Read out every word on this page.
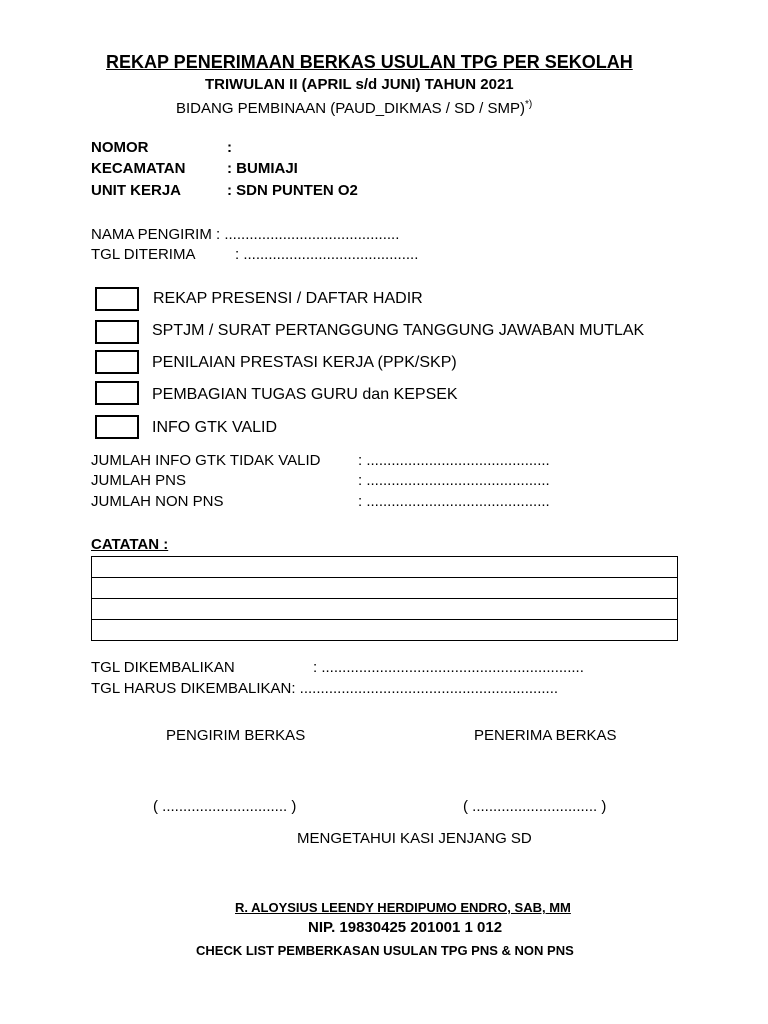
REKAP PENERIMAAN BERKAS USULAN TPG PER SEKOLAH
TRIWULAN II (APRIL s/d JUNI) TAHUN 2021
BIDANG PEMBINAAN (PAUD_DIKMAS / SD / SMP)*)
NOMOR	:
KECAMATAN	: BUMIAJI
UNIT KERJA	: SDN PUNTEN O2
NAMA PENGIRIM : ..........................................
TGL DITERIMA	: ..........................................
REKAP PRESENSI / DAFTAR HADIR
SPTJM / SURAT PERTANGGUNG TANGGUNG JAWABAN MUTLAK
PENILAIAN PRESTASI KERJA (PPK/SKP)
PEMBAGIAN TUGAS GURU dan KEPSEK
INFO GTK VALID
JUMLAH INFO GTK TIDAK VALID	: ............................................
JUMLAH PNS	: ............................................
JUMLAH NON PNS	: ............................................
CATATAN :

TGL DIKEMBALIKAN	: ...............................................................
TGL HARUS DIKEMBALIKAN: ..............................................................
PENGIRIM BERKAS	PENERIMA BERKAS
( .............................. )	( .............................. )
MENGETAHUI KASI JENJANG SD
R. ALOYSIUS LEENDY HERDIPUMO ENDRO, SAB, MM
NIP. 19830425 201001 1 012
CHECK LIST PEMBERKASAN USULAN TPG PNS & NON PNS
